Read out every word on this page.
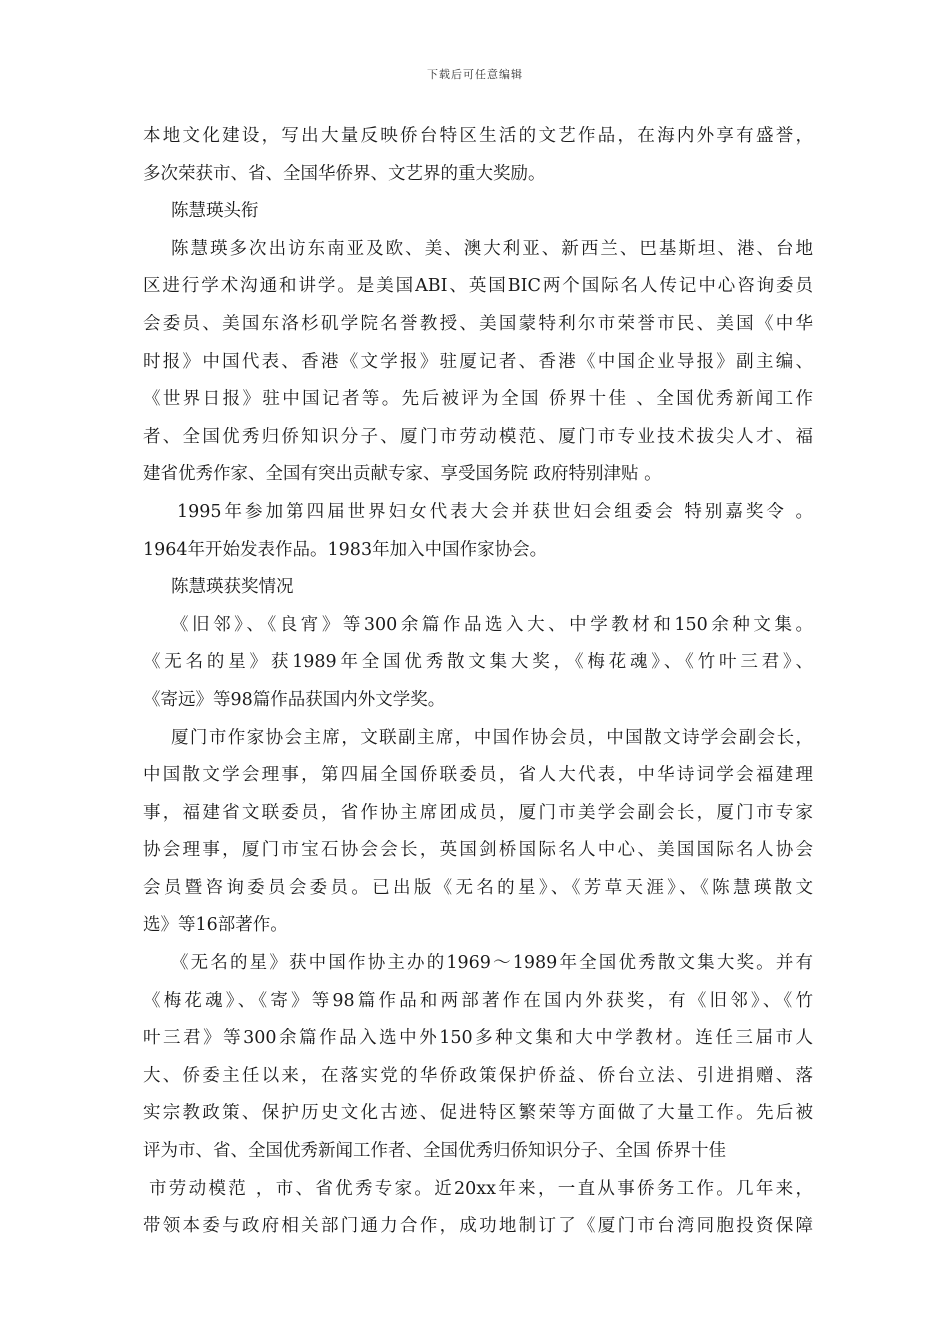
下载后可任意编辑
本地文化建设，写出大量反映侨台特区生活的文艺作品，在海内外享有盛誉，
多次荣获市、省、全国华侨界、文艺界的重大奖励。
陈慧瑛头衔
陈慧瑛多次出访东南亚及欧、美、澳大利亚、新西兰、巴基斯坦、港、台地
区进行学术沟通和讲学。是美国ABI、英国BIC两个国际名人传记中心咨询委员
会委员、美国东洛杉矶学院名誉教授、美国蒙特利尔市荣誉市民、美国《中华
时报》中国代表、香港《文学报》驻厦记者、香港《中国企业导报》副主编、
《世界日报》驻中国记者等。先后被评为全国 侨界十佳 、全国优秀新闻工作
者、全国优秀归侨知识分子、厦门市劳动模范、厦门市专业技术拔尖人才、福
建省优秀作家、全国有突出贡献专家、享受国务院 政府特别津贴 。
1995年参加第四届世界妇女代表大会并获世妇会组委会 特别嘉奖令 。
1964年开始发表作品。1983年加入中国作家协会。
陈慧瑛获奖情况
《旧邻》、《良宵》等300余篇作品选入大、中学教材和150余种文集。
《无名的星》获1989年全国优秀散文集大奖，《梅花魂》、《竹叶三君》、
《寄远》等98篇作品获国内外文学奖。
厦门市作家协会主席，文联副主席，中国作协会员，中国散文诗学会副会长，
中国散文学会理事，第四届全国侨联委员，省人大代表，中华诗词学会福建理
事，福建省文联委员，省作协主席团成员，厦门市美学会副会长，厦门市专家
协会理事，厦门市宝石协会会长，英国剑桥国际名人中心、美国国际名人协会
会员暨咨询委员会委员。已出版《无名的星》、《芳草天涯》、《陈慧瑛散文
选》等16部著作。
《无名的星》获中国作协主办的1969～1989年全国优秀散文集大奖。并有
《梅花魂》、《寄》等98篇作品和两部著作在国内外获奖，有《旧邻》、《竹
叶三君》等300余篇作品入选中外150多种文集和大中学教材。连任三届市人
大、侨委主任以来，在落实党的华侨政策保护侨益、侨台立法、引进捐赠、落
实宗教政策、保护历史文化古迹、促进特区繁荣等方面做了大量工作。先后被
评为市、省、全国优秀新闻工作者、全国优秀归侨知识分子、全国 侨界十佳
市劳动模范 ，市、省优秀专家。近20xx年来，一直从事侨务工作。几年来，
带领本委与政府相关部门通力合作，成功地制订了《厦门市台湾同胞投资保障
